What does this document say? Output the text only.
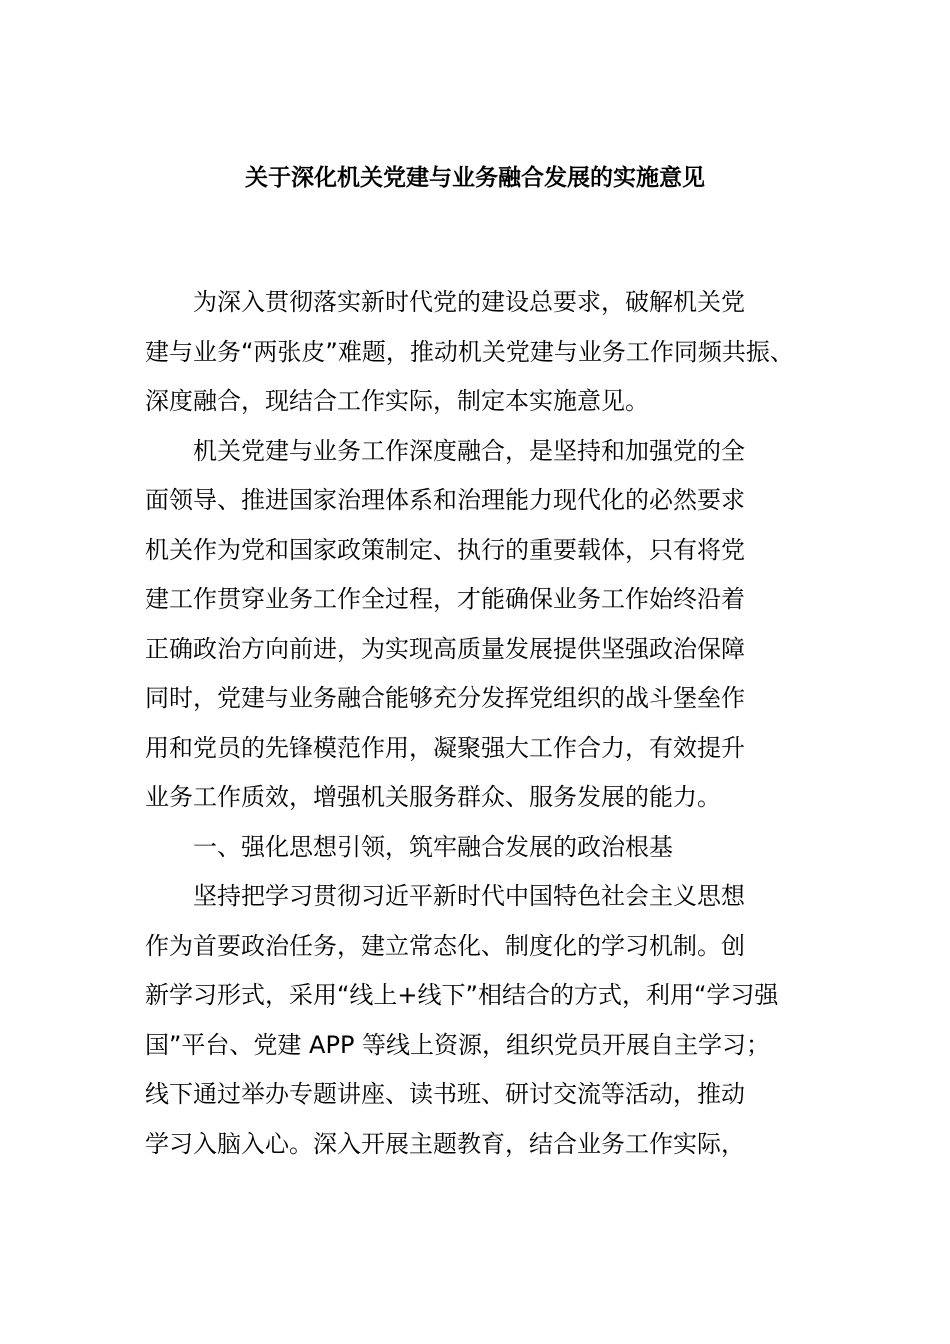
关于深化机关党建与业务融合发展的实施意见
为深入贯彻落实新时代党的建设总要求，破解机关党
建与业务“两张皮”难题，推动机关党建与业务工作同频共振、
深度融合，现结合工作实际，制定本实施意见。
机关党建与业务工作深度融合，是坚持和加强党的全
面领导、推进国家治理体系和治理能力现代化的必然要求
机关作为党和国家政策制定、执行的重要载体，只有将党
建工作贯穿业务工作全过程，才能确保业务工作始终沿着
正确政治方向前进，为实现高质量发展提供坚强政治保障
同时，党建与业务融合能够充分发挥党组织的战斗堡垒作
用和党员的先锋模范作用，凝聚强大工作合力，有效提升
业务工作质效，增强机关服务群众、服务发展的能力。
一、强化思想引领，筑牢融合发展的政治根基
坚持把学习贯彻习近平新时代中国特色社会主义思想
作为首要政治任务，建立常态化、制度化的学习机制。创
新学习形式，采用“线上+线下”相结合的方式，利用“学习强
国”平台、党建 APP 等线上资源，组织党员开展自主学习；
线下通过举办专题讲座、读书班、研讨交流等活动，推动
学习入脑入心。深入开展主题教育，结合业务工作实际，
